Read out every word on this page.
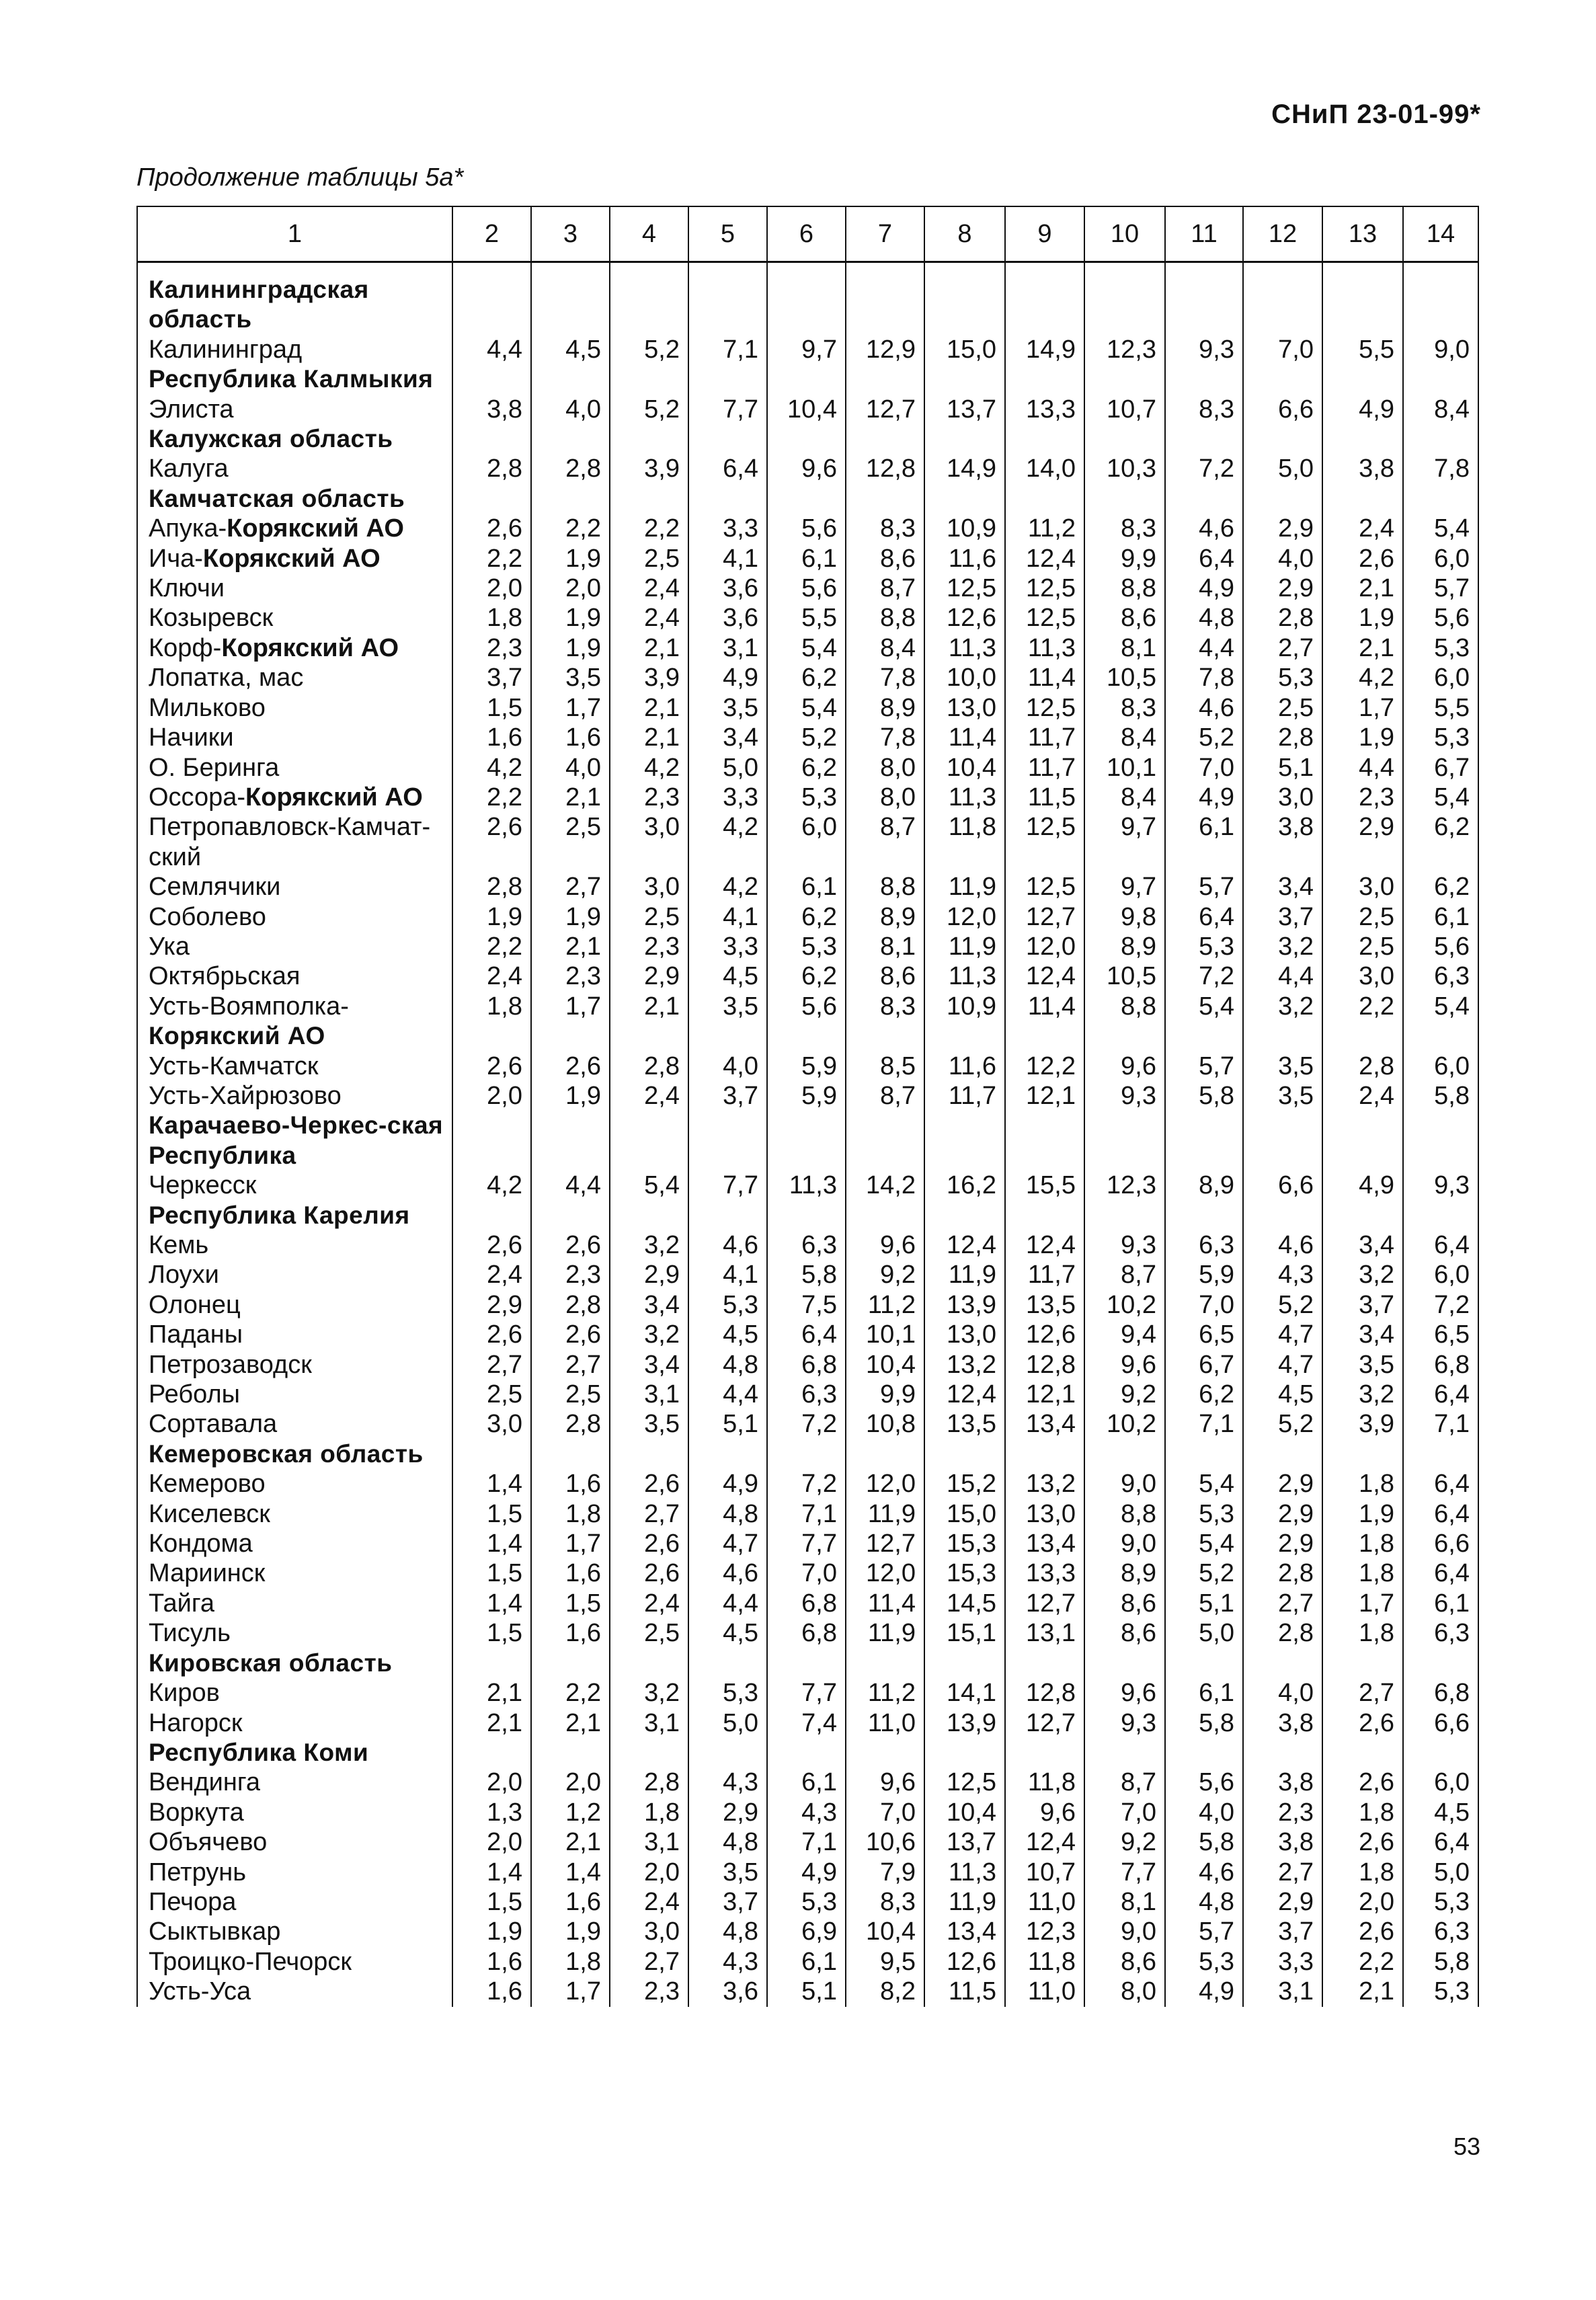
СНиП 23-01-99*
Продолжение таблицы 5а*
1	2	3	4	5	6	7	8	9	10	11	12	13	14

Калининградская область													
Калининград	4,4	4,5	5,2	7,1	9,7	12,9	15,0	14,9	12,3	9,3	7,0	5,5	9,0
Республика Калмыкия													
Элиста	3,8	4,0	5,2	7,7	10,4	12,7	13,7	13,3	10,7	8,3	6,6	4,9	8,4
Калужская область													
Калуга	2,8	2,8	3,9	6,4	9,6	12,8	14,9	14,0	10,3	7,2	5,0	3,8	7,8
Камчатская область													
Апука-Корякский АО	2,6	2,2	2,2	3,3	5,6	8,3	10,9	11,2	8,3	4,6	2,9	2,4	5,4
Ича-Корякский АО	2,2	1,9	2,5	4,1	6,1	8,6	11,6	12,4	9,9	6,4	4,0	2,6	6,0
Ключи	2,0	2,0	2,4	3,6	5,6	8,7	12,5	12,5	8,8	4,9	2,9	2,1	5,7
Козыревск	1,8	1,9	2,4	3,6	5,5	8,8	12,6	12,5	8,6	4,8	2,8	1,9	5,6
Корф-Корякский АО	2,3	1,9	2,1	3,1	5,4	8,4	11,3	11,3	8,1	4,4	2,7	2,1	5,3
Лопатка, мас	3,7	3,5	3,9	4,9	6,2	7,8	10,0	11,4	10,5	7,8	5,3	4,2	6,0
Мильково	1,5	1,7	2,1	3,5	5,4	8,9	13,0	12,5	8,3	4,6	2,5	1,7	5,5
Начики	1,6	1,6	2,1	3,4	5,2	7,8	11,4	11,7	8,4	5,2	2,8	1,9	5,3
О. Беринга	4,2	4,0	4,2	5,0	6,2	8,0	10,4	11,7	10,1	7,0	5,1	4,4	6,7
Оссора-Корякский АО	2,2	2,1	2,3	3,3	5,3	8,0	11,3	11,5	8,4	4,9	3,0	2,3	5,4
Петропавловск-Камчат-ский	2,6	2,5	3,0	4,2	6,0	8,7	11,8	12,5	9,7	6,1	3,8	2,9	6,2
Семлячики	2,8	2,7	3,0	4,2	6,1	8,8	11,9	12,5	9,7	5,7	3,4	3,0	6,2
Соболево	1,9	1,9	2,5	4,1	6,2	8,9	12,0	12,7	9,8	6,4	3,7	2,5	6,1
Ука	2,2	2,1	2,3	3,3	5,3	8,1	11,9	12,0	8,9	5,3	3,2	2,5	5,6
Октябрьская	2,4	2,3	2,9	4,5	6,2	8,6	11,3	12,4	10,5	7,2	4,4	3,0	6,3
Усть-Воямполка-	1,8	1,7	2,1	3,5	5,6	8,3	10,9	11,4	8,8	5,4	3,2	2,2	5,4
Корякский АО													
Усть-Камчатск	2,6	2,6	2,8	4,0	5,9	8,5	11,6	12,2	9,6	5,7	3,5	2,8	6,0
Усть-Хайрюзово	2,0	1,9	2,4	3,7	5,9	8,7	11,7	12,1	9,3	5,8	3,5	2,4	5,8
Карачаево-Черкес-ская Республика													
Черкесск	4,2	4,4	5,4	7,7	11,3	14,2	16,2	15,5	12,3	8,9	6,6	4,9	9,3
Республика Карелия													
Кемь	2,6	2,6	3,2	4,6	6,3	9,6	12,4	12,4	9,3	6,3	4,6	3,4	6,4
Лоухи	2,4	2,3	2,9	4,1	5,8	9,2	11,9	11,7	8,7	5,9	4,3	3,2	6,0
Олонец	2,9	2,8	3,4	5,3	7,5	11,2	13,9	13,5	10,2	7,0	5,2	3,7	7,2
Паданы	2,6	2,6	3,2	4,5	6,4	10,1	13,0	12,6	9,4	6,5	4,7	3,4	6,5
Петрозаводск	2,7	2,7	3,4	4,8	6,8	10,4	13,2	12,8	9,6	6,7	4,7	3,5	6,8
Реболы	2,5	2,5	3,1	4,4	6,3	9,9	12,4	12,1	9,2	6,2	4,5	3,2	6,4
Сортавала	3,0	2,8	3,5	5,1	7,2	10,8	13,5	13,4	10,2	7,1	5,2	3,9	7,1
Кемеровская область													
Кемерово	1,4	1,6	2,6	4,9	7,2	12,0	15,2	13,2	9,0	5,4	2,9	1,8	6,4
Киселевск	1,5	1,8	2,7	4,8	7,1	11,9	15,0	13,0	8,8	5,3	2,9	1,9	6,4
Кондома	1,4	1,7	2,6	4,7	7,7	12,7	15,3	13,4	9,0	5,4	2,9	1,8	6,6
Мариинск	1,5	1,6	2,6	4,6	7,0	12,0	15,3	13,3	8,9	5,2	2,8	1,8	6,4
Тайга	1,4	1,5	2,4	4,4	6,8	11,4	14,5	12,7	8,6	5,1	2,7	1,7	6,1
Тисуль	1,5	1,6	2,5	4,5	6,8	11,9	15,1	13,1	8,6	5,0	2,8	1,8	6,3
Кировская область													
Киров	2,1	2,2	3,2	5,3	7,7	11,2	14,1	12,8	9,6	6,1	4,0	2,7	6,8
Нагорск	2,1	2,1	3,1	5,0	7,4	11,0	13,9	12,7	9,3	5,8	3,8	2,6	6,6
Республика Коми													
Вендинга	2,0	2,0	2,8	4,3	6,1	9,6	12,5	11,8	8,7	5,6	3,8	2,6	6,0
Воркута	1,3	1,2	1,8	2,9	4,3	7,0	10,4	9,6	7,0	4,0	2,3	1,8	4,5
Объячево	2,0	2,1	3,1	4,8	7,1	10,6	13,7	12,4	9,2	5,8	3,8	2,6	6,4
Петрунь	1,4	1,4	2,0	3,5	4,9	7,9	11,3	10,7	7,7	4,6	2,7	1,8	5,0
Печора	1,5	1,6	2,4	3,7	5,3	8,3	11,9	11,0	8,1	4,8	2,9	2,0	5,3
Сыктывкар	1,9	1,9	3,0	4,8	6,9	10,4	13,4	12,3	9,0	5,7	3,7	2,6	6,3
Троицко-Печорск	1,6	1,8	2,7	4,3	6,1	9,5	12,6	11,8	8,6	5,3	3,3	2,2	5,8
Усть-Уса	1,6	1,7	2,3	3,6	5,1	8,2	11,5	11,0	8,0	4,9	3,1	2,1	5,3
53
